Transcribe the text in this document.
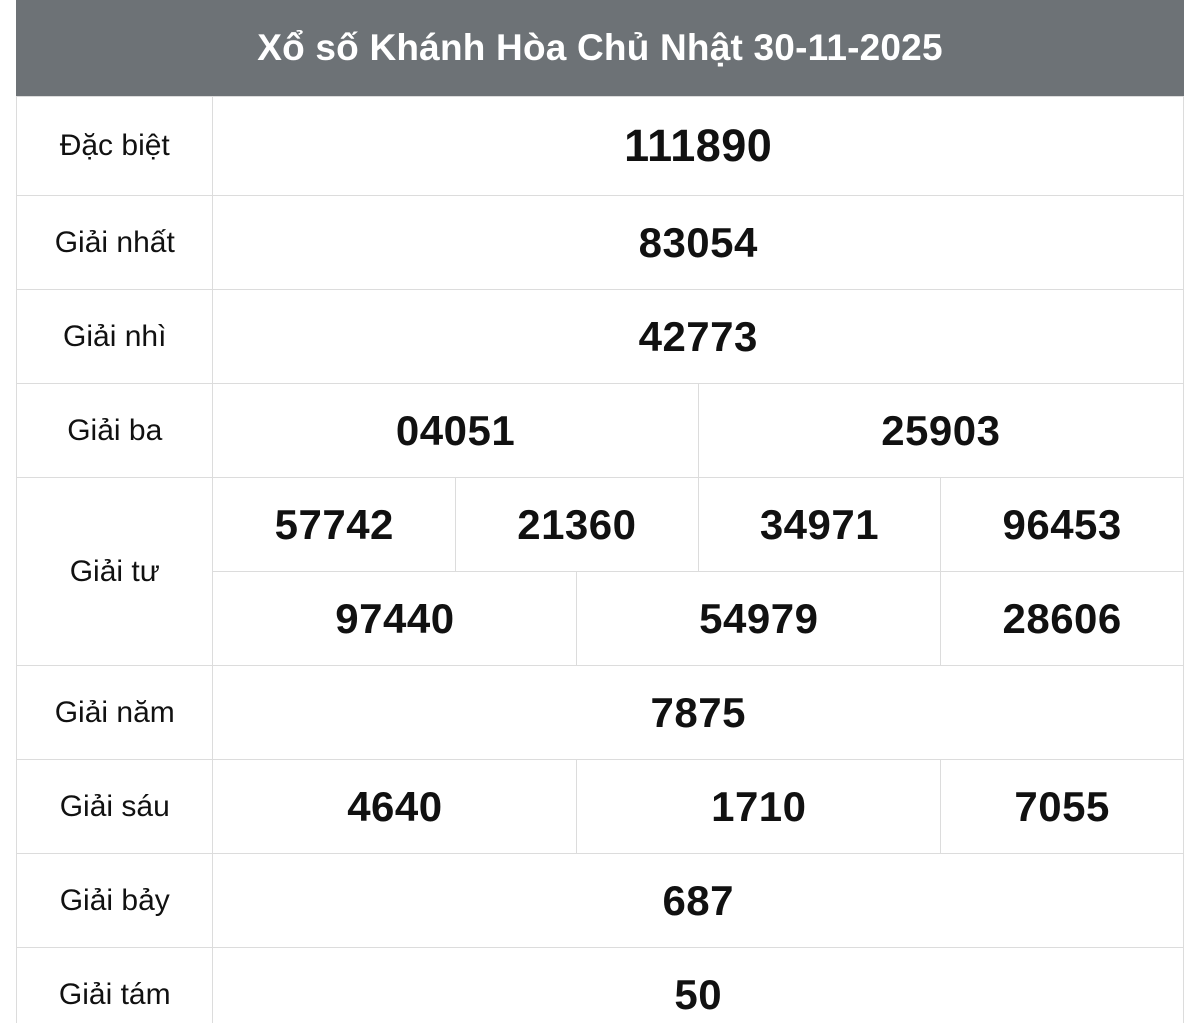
Xổ số Khánh Hòa Chủ Nhật 30-11-2025
Đặc biệt	111890				
Giải nhất	83054				
Giải nhì	42773				
Giải ba	04051			25903	
Giải tư	57742	21360		34971	96453
	97440		54979		28606
Giải năm	7875				
Giải sáu	4640		1710		7055
Giải bảy	687				
Giải tám	50				
